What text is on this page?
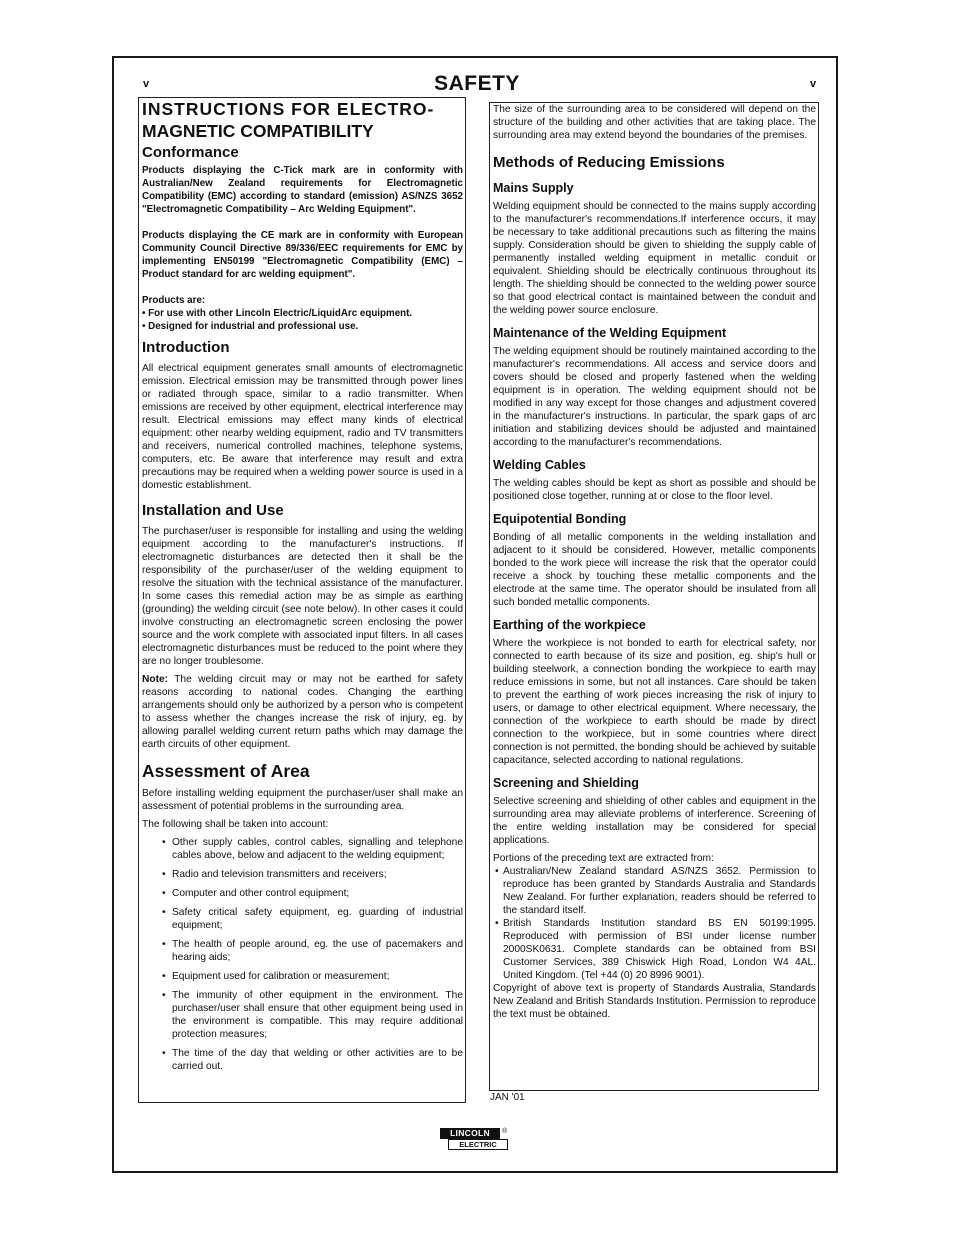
v	SAFETY	v
INSTRUCTIONS FOR ELECTRO-
MAGNETIC COMPATIBILITY
Conformance

Products displaying the C-Tick mark are in conformity with Australian/New Zealand requirements for Electromagnetic Compatibility (EMC) according to standard (emission) AS/NZS 3652 "Electromagnetic Compatibility – Arc Welding Equipment".

Products displaying the CE mark are in conformity with European Community Council Directive 89/336/EEC requirements for EMC by implementing EN50199 "Electromagnetic Compatibility (EMC) – Product standard for arc welding equipment".

Products are:

• For use with other Lincoln Electric/LiquidArc equipment.
• Designed for industrial and professional use.
Introduction

All electrical equipment generates small amounts of electromagnetic emission. Electrical emission may be transmitted through power lines or radiated through space, similar to a radio transmitter. When emissions are received by other equipment, electrical interference may result. Electrical emissions may effect many kinds of electrical equipment: other nearby welding equipment, radio and TV transmitters and receivers, numerical controlled machines, telephone systems, computers, etc. Be aware that interference may result and extra precautions may be required when a welding power source is used in a domestic establishment.

Installation and Use

The purchaser/user is responsible for installing and using the welding equipment according to the manufacturer's instructions. If electromagnetic disturbances are detected then it shall be the responsibility of the purchaser/user of the welding equipment to resolve the situation with the technical assistance of the manufacturer. In some cases this remedial action may be as simple as earthing (grounding) the welding circuit (see note below). In other cases it could involve constructing an electromagnetic screen enclosing the power source and the work complete with associated input filters. In all cases electromagnetic disturbances must be reduced to the point where they are no longer troublesome.

Note: The welding circuit may or may not be earthed for safety reasons according to national codes. Changing the earthing arrangements should only be authorized by a person who is competent to assess whether the changes increase the risk of injury, eg. by allowing parallel welding current return paths which may damage the earth circuits of other equipment.

Assessment of Area

Before installing welding equipment the purchaser/user shall make an assessment of potential problems in the surrounding area.

The following shall be taken into account:

• Other supply cables, control cables, signalling and telephone cables above, below and adjacent to the welding equipment;
• Radio and television transmitters and receivers;
• Computer and other control equipment;
• Safety critical safety equipment, eg. guarding of industrial equipment;
• The health of people around, eg. the use of pacemakers and hearing aids;
• Equipment used for calibration or measurement;
• The immunity of other equipment in the environment. The purchaser/user shall ensure that other equipment being used in the environment is compatible. This may require additional protection measures;
• The time of the day that welding or other activities are to be carried out.

The size of the surrounding area to be considered will depend on the structure of the building and other activities that are taking place. The surrounding area may extend beyond the boundaries of the premises.

Methods of Reducing Emissions
Mains Supply

Welding equipment should be connected to the mains supply according to the manufacturer's recommendations.If interference occurs, it may be necessary to take additional precautions such as filtering the mains supply. Consideration should be given to shielding the supply cable of permanently installed welding equipment in metallic conduit or equivalent. Shielding should be electrically continuous throughout its length. The shielding should be connected to the welding power source so that good electrical contact is maintained between the conduit and the welding power source enclosure.

Maintenance of the Welding Equipment

The welding equipment should be routinely maintained according to the manufacturer's recommendations. All access and service doors and covers should be closed and properly fastened when the welding equipment is in operation. The welding equipment should not be modified in any way except for those changes and adjustment covered in the manufacturer's instructions. In particular, the spark gaps of arc initiation and stabilizing devices should be adjusted and maintained according to the manufacturer's recommendations.

Welding Cables

The welding cables should be kept as short as possible and should be positioned close together, running at or close to the floor level.

Equipotential Bonding

Bonding of all metallic components in the welding installation and adjacent to it should be considered. However, metallic components bonded to the work piece will increase the risk that the operator could receive a shock by touching these metallic components and the electrode at the same time. The operator should be insulated from all such bonded metallic components.

Earthing of the workpiece

Where the workpiece is not bonded to earth for electrical safety, nor connected to earth because of its size and position, eg. ship's hull or building steelwork, a connection bonding the workpiece to earth may reduce emissions in some, but not all instances. Care should be taken to prevent the earthing of work pieces increasing the risk of injury to users, or damage to other electrical equipment. Where necessary, the connection of the workpiece to earth should be made by direct connection to the workpiece, but in some countries where direct connection is not permitted, the bonding should be achieved by suitable capacitance, selected according to national regulations.

Screening and Shielding

Selective screening and shielding of other cables and equipment in the surrounding area may alleviate problems of interference. Screening of the entire welding installation may be considered for special applications.

Portions of the preceding text are extracted from:

• Australian/New Zealand standard AS/NZS 3652. Permission to reproduce has been granted by Standards Australia and Standards New Zealand. For further explanation, readers should be referred to the standard itself.
• British Standards Institution standard BS EN 50199:1995. Reproduced with permission of BSI under license number 2000SK0631. Complete standards can be obtained from BSI Customer Services, 389 Chiswick High Road, London W4 4AL. United Kingdom. (Tel +44 (0) 20 8996 9001).

Copyright of above text is property of Standards Australia, Standards New Zealand and British Standards Institution. Permission to reproduce the text must be obtained.

JAN '01
LINCOLN	®
ELECTRIC
